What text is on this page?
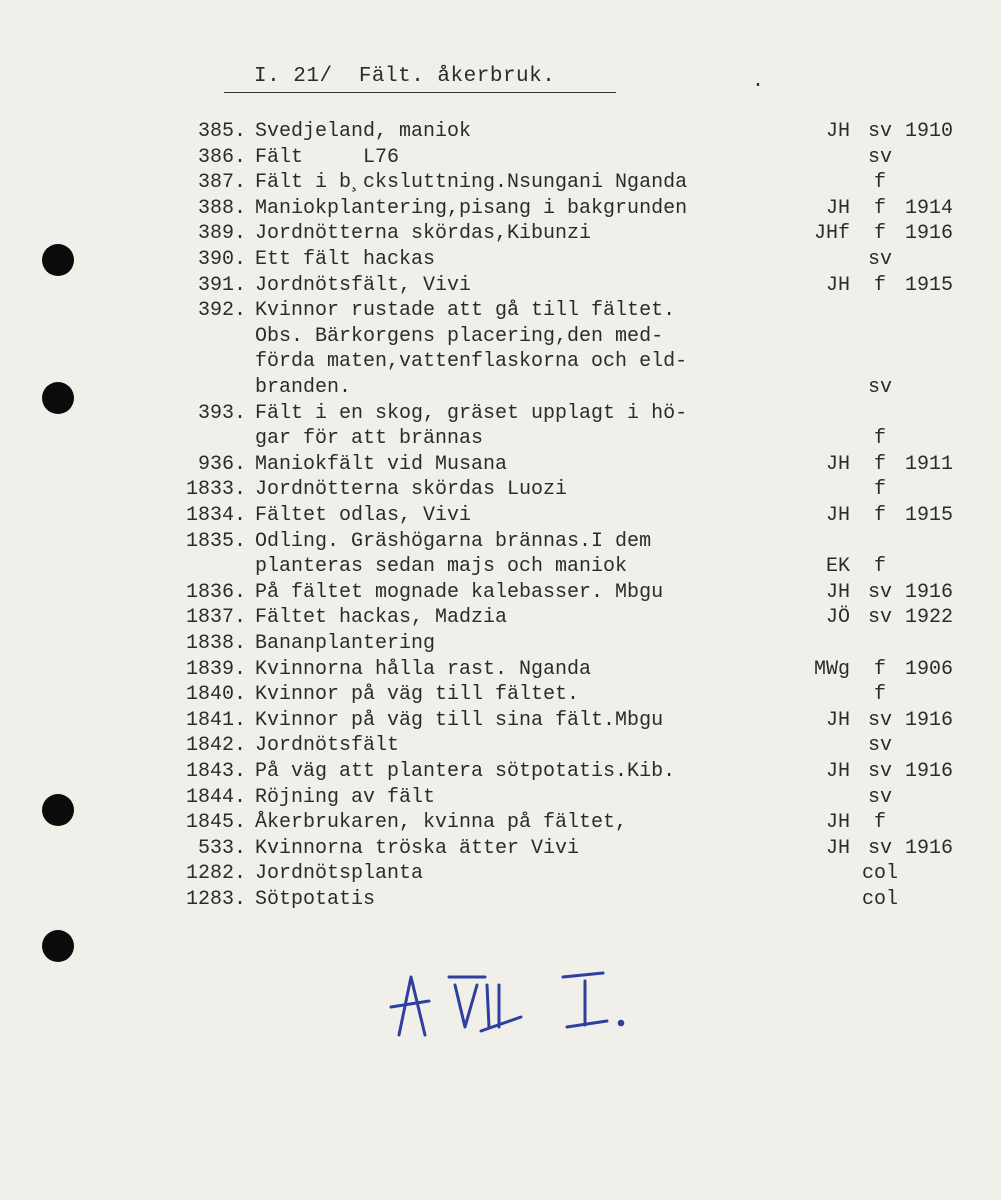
I. 21/  Fält. åkerbruk.	.
385. Svedjeland, maniok	JH sv 1910
386. Fält     L76	sv
387. Fält i b¸cksluttning.Nsungani Nganda	f
388. Maniokplantering,pisang i bakgrunden	JH	f 1914
389. Jordnötterna skördas,Kibunzi	JHf	f 1916
390. Ett fält hackas	sv
391. Jordnötsfält, Vivi	JH	f 1915
392. Kvinnor rustade att gå till fältet.
Obs. Bärkorgens placering,den med-
förda maten,vattenflaskorna och eld-
branden.	sv
393. Fält i en skog, gräset upplagt i hö-
gar för att brännas	f
936. Maniokfält vid Musana	JH	f 1911
1833. Jordnötterna skördas Luozi	f
1834. Fältet odlas, Vivi	JH	f 1915
1835. Odling. Gräshögarna brännas.I dem
planteras sedan majs och maniok	EK	f
1836. På fältet mognade kalebasser. Mbgu	JH sv 1916
1837. Fältet hackas, Madzia	JÖ sv 1922
1838. Bananplantering
1839. Kvinnorna hålla rast. Nganda	MWg	f 1906
1840. Kvinnor på väg till fältet.	f
1841. Kvinnor på väg till sina fält.Mbgu	JH sv 1916
1842. Jordnötsfält	sv
1843. På väg att plantera sötpotatis.Kib.	JH sv 1916
1844. Röjning av fält	sv
1845. Åkerbrukaren, kvinna på fältet,	JH	f
533. Kvinnorna tröska ätter Vivi	JH sv 1916
1282. Jordnötsplanta	col
1283. Sötpotatis	col
